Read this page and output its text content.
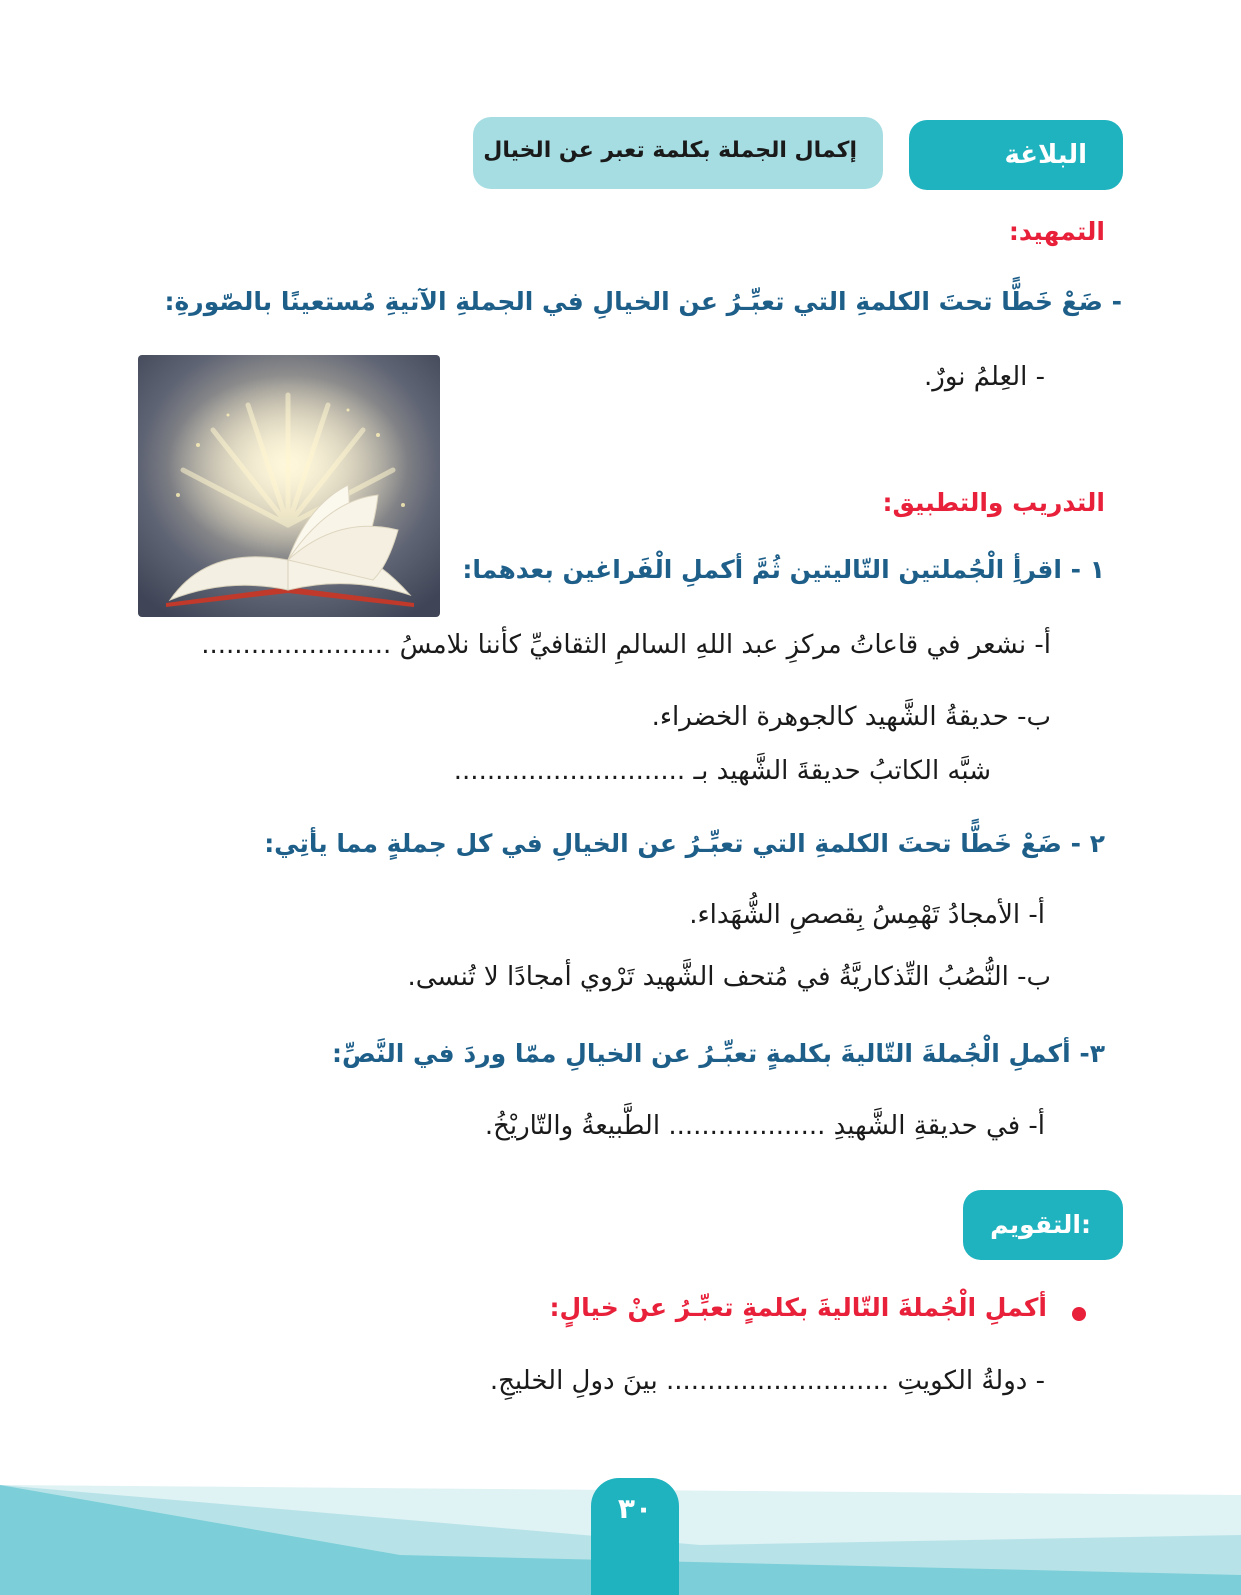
البلاغة
إكمال الجملة بكلمة تعبر عن الخيال
التمهيد:
- ضَعْ خَطًّا تحتَ الكلمةِ التي تعبِّـرُ عن الخيالِ في الجملةِ الآتيةِ مُستعينًا بالصّورةِ:
- العِلمُ نورٌ.
التدريب والتطبيق:
١ - اقرأِ الْجُملتين التّاليتين ثُمَّ أكملِ الْفَراغين بعدهما:
أ- نشعر في قاعاتُ مركزِ عبد اللهِ السالمِ الثقافيِّ كأننا نلامسُ .......................
ب- حديقةُ الشَّهيد كالجوهرة الخضراء.
شبَّه الكاتبُ حديقةَ الشَّهيد بـ ............................
٢ - ضَعْ خَطًّا تحتَ الكلمةِ التي تعبِّـرُ عن الخيالِ في كل جملةٍ مما يأتِي:
أ- الأمجادُ تَهْمِسُ بِقصصِ الشُّهَداء.
ب- النُّصُبُ التِّذكاريَّةُ في مُتحف الشَّهيد تَرْوي أمجادًا لا تُنسى.
٣- أكملِ الْجُملةَ التّاليةَ بكلمةٍ تعبِّـرُ عن الخيالِ ممّا وردَ في النَّصِّ:
أ- في حديقةِ الشَّهيدِ ................... الطَّبيعةُ والتّاريْخُ.
التقويم:
أكملِ الْجُملةَ التّاليةَ بكلمةٍ تعبِّـرُ عنْ خيالٍ:
- دولةُ الكويتِ ........................... بينَ دولِ الخليجِ.
٣٠
